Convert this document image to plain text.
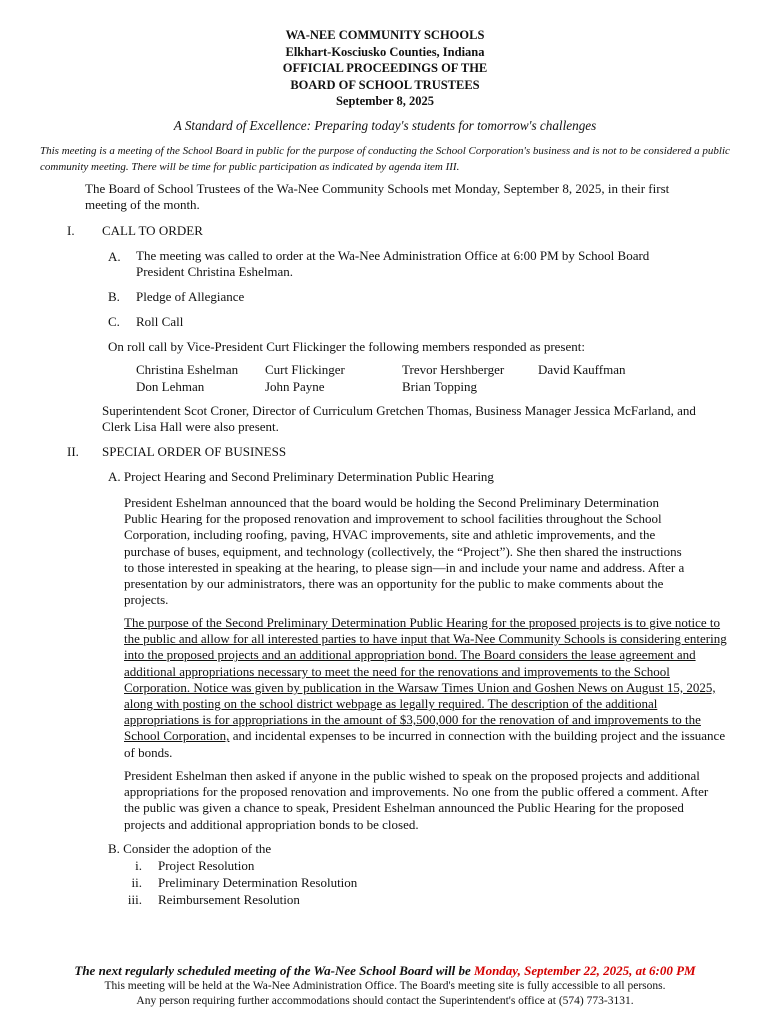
WA-NEE COMMUNITY SCHOOLS
Elkhart-Kosciusko Counties, Indiana
OFFICIAL PROCEEDINGS OF THE
BOARD OF SCHOOL TRUSTEES
September 8, 2025
A Standard of Excellence: Preparing today's students for tomorrow's challenges
This meeting is a meeting of the School Board in public for the purpose of conducting the School Corporation's business and is not to be considered a public community meeting. There will be time for public participation as indicated by agenda item III.
The Board of School Trustees of the Wa-Nee Community Schools met Monday, September 8, 2025, in their first meeting of the month.
I. CALL TO ORDER
A. The meeting was called to order at the Wa-Nee Administration Office at 6:00 PM by School Board President Christina Eshelman.
B. Pledge of Allegiance
C. Roll Call
On roll call by Vice-President Curt Flickinger the following members responded as present:
Christina Eshelman
Don Lehman
Curt Flickinger
John Payne
Trevor Hershberger
Brian Topping
David Kauffman
Superintendent Scot Croner, Director of Curriculum Gretchen Thomas, Business Manager Jessica McFarland, and Clerk Lisa Hall were also present.
II. SPECIAL ORDER OF BUSINESS
A. Project Hearing and Second Preliminary Determination Public Hearing
President Eshelman announced that the board would be holding the Second Preliminary Determination Public Hearing for the proposed renovation and improvement to school facilities throughout the School Corporation, including roofing, paving, HVAC improvements, site and athletic improvements, and the purchase of buses, equipment, and technology (collectively, the “Project”). She then shared the instructions to those interested in speaking at the hearing, to please sign—in and include your name and address. After a presentation by our administrators, there was an opportunity for the public to make comments about the projects.
The purpose of the Second Preliminary Determination Public Hearing for the proposed projects is to give notice to the public and allow for all interested parties to have input that Wa-Nee Community Schools is considering entering into the proposed projects and an additional appropriation bond. The Board considers the lease agreement and additional appropriations necessary to meet the need for the renovations and improvements to the School Corporation. Notice was given by publication in the Warsaw Times Union and Goshen News on August 15, 2025, along with posting on the school district webpage as legally required. The description of the additional appropriations is for appropriations in the amount of $3,500,000 for the renovation of and improvements to the School Corporation, and incidental expenses to be incurred in connection with the building project and the issuance of bonds.
President Eshelman then asked if anyone in the public wished to speak on the proposed projects and additional appropriations for the proposed renovation and improvements. No one from the public offered a comment. After the public was given a chance to speak, President Eshelman announced the Public Hearing for the proposed projects and additional appropriation bonds to be closed.
B. Consider the adoption of the
i. Project Resolution
ii. Preliminary Determination Resolution
iii. Reimbursement Resolution
The next regularly scheduled meeting of the Wa-Nee School Board will be Monday, September 22, 2025, at 6:00 PM
This meeting will be held at the Wa-Nee Administration Office. The Board's meeting site is fully accessible to all persons.
Any person requiring further accommodations should contact the Superintendent's office at (574) 773-3131.
